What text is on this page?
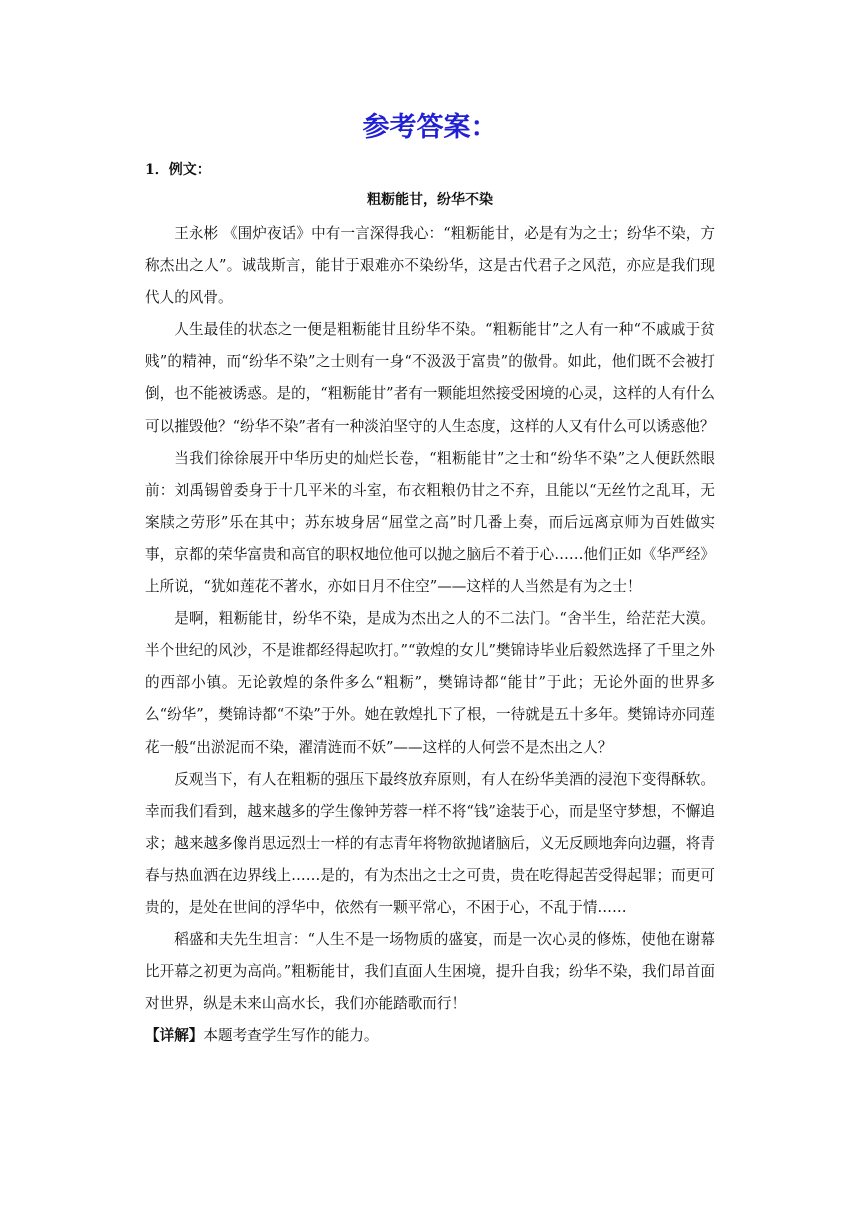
参考答案：
1．例文：
粗粝能甘，纷华不染

王永彬 《围炉夜话》中有一言深得我心：“粗粝能甘，必是有为之士；纷华不染，方称杰出之人”。诚哉斯言，能甘于艰难亦不染纷华，这是古代君子之风范，亦应是我们现代人的风骨。

人生最佳的状态之一便是粗粝能甘且纷华不染。“粗粝能甘”之人有一种“不戚戚于贫贱”的精神，而“纷华不染”之士则有一身“不汲汲于富贵”的傲骨。如此，他们既不会被打倒，也不能被诱惑。是的，“粗粝能甘”者有一颗能坦然接受困境的心灵，这样的人有什么可以摧毁他？“纷华不染”者有一种淡泊坚守的人生态度，这样的人又有什么可以诱惑他？

当我们徐徐展开中华历史的灿烂长卷，“粗粝能甘”之士和“纷华不染”之人便跃然眼前：刘禹锡曾委身于十几平米的斗室，布衣粗粮仍甘之不弃，且能以“无丝竹之乱耳，无案牍之劳形”乐在其中；苏东坡身居“屈堂之高”时几番上奏，而后远离京师为百姓做实事，京都的荣华富贵和高官的职权地位他可以抛之脑后不着于心……他们正如《华严经》上所说，“犹如莲花不著水，亦如日月不住空”——这样的人当然是有为之士！

是啊，粗粝能甘，纷华不染，是成为杰出之人的不二法门。“舍半生，给茫茫大漠。半个世纪的风沙，不是谁都经得起吹打。”“敦煌的女儿”樊锦诗毕业后毅然选择了千里之外的西部小镇。无论敦煌的条件多么“粗粝”，樊锦诗都“能甘”于此；无论外面的世界多么“纷华”，樊锦诗都“不染”于外。她在敦煌扎下了根，一待就是五十多年。樊锦诗亦同莲花一般“出淤泥而不染，濯清涟而不妖”——这样的人何尝不是杰出之人？

反观当下，有人在粗粝的强压下最终放弃原则，有人在纷华美酒的浸泡下变得酥软。幸而我们看到，越来越多的学生像钟芳蓉一样不将“钱”途装于心，而是坚守梦想，不懈追求；越来越多像肖思远烈士一样的有志青年将物欲抛诸脑后，义无反顾地奔向边疆，将青春与热血洒在边界线上……是的，有为杰出之士之可贵，贵在吃得起苦受得起罪；而更可贵的，是处在世间的浮华中，依然有一颗平常心，不困于心，不乱于情……

稻盛和夫先生坦言：“人生不是一场物质的盛宴，而是一次心灵的修炼，使他在谢幕比开幕之初更为高尚。”粗粝能甘，我们直面人生困境，提升自我；纷华不染，我们昂首面对世界，纵是未来山高水长，我们亦能踏歌而行！

【详解】本题考查学生写作的能力。
